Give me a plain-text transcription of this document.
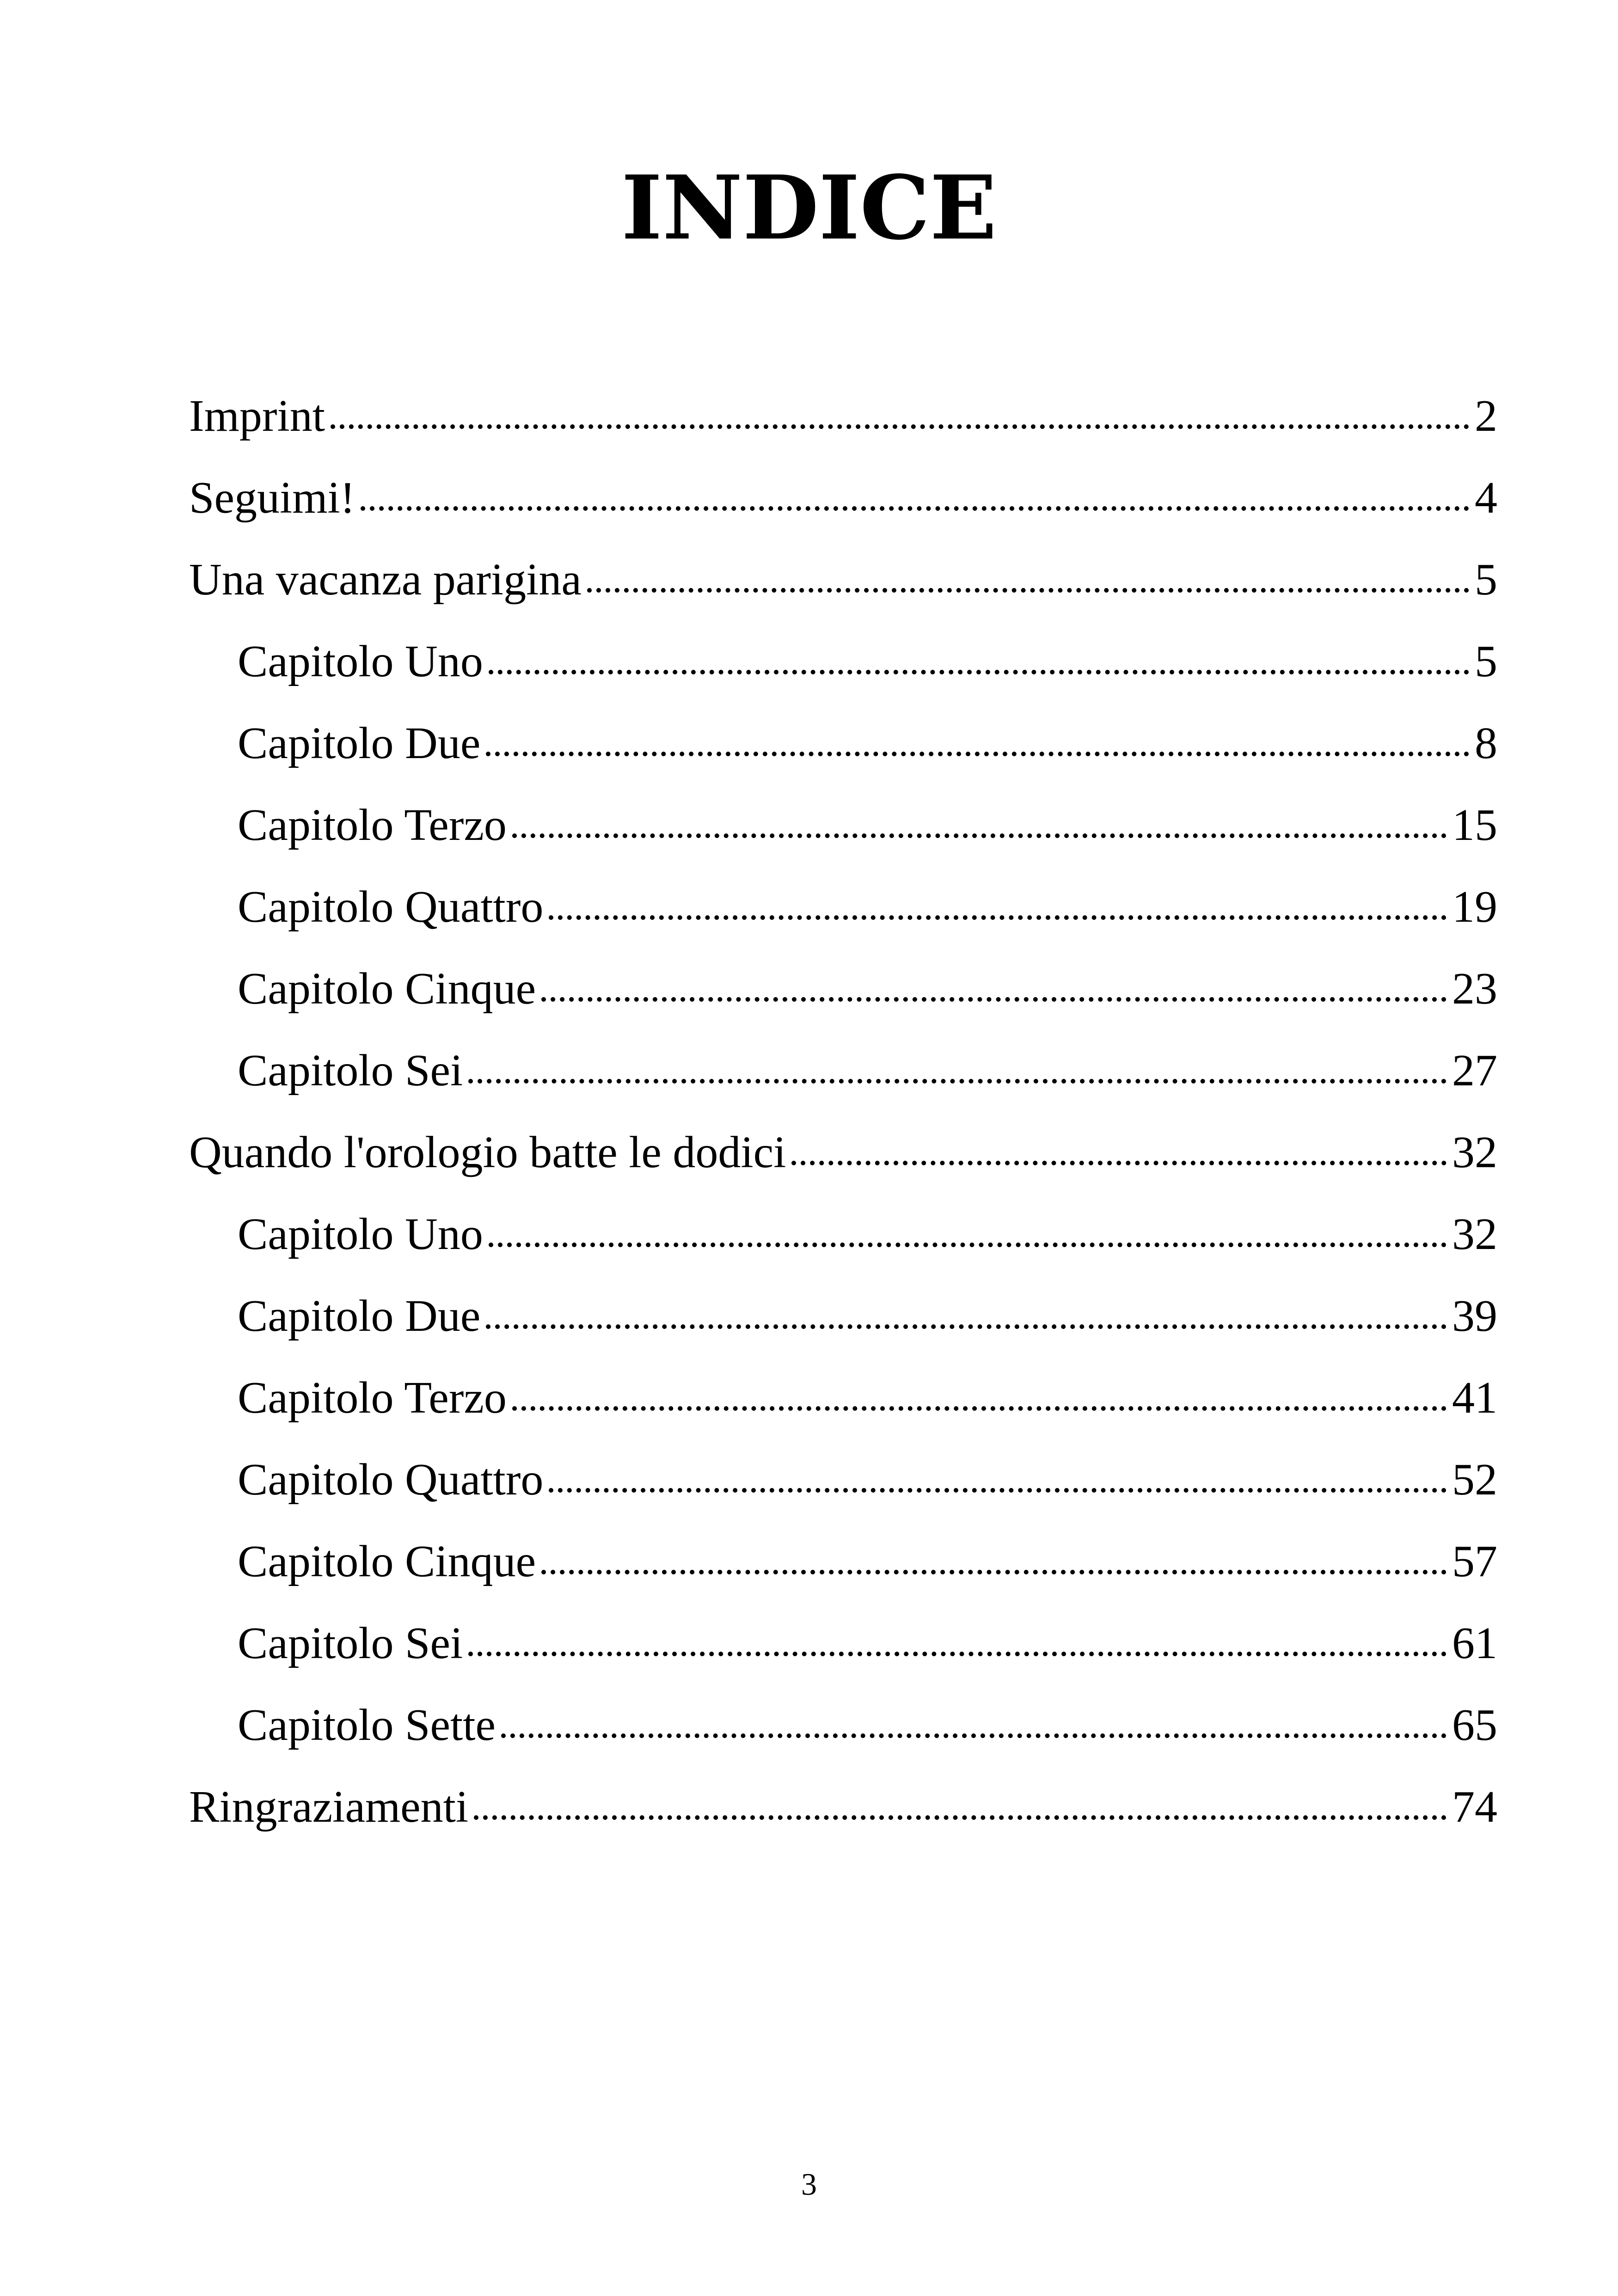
INDICE
Imprint	2
Seguimi!	4
Una vacanza parigina	5
Capitolo Uno	5
Capitolo Due	8
Capitolo Terzo	15
Capitolo Quattro	19
Capitolo Cinque	23
Capitolo Sei	27
Quando l'orologio batte le dodici	32
Capitolo Uno	32
Capitolo Due	39
Capitolo Terzo	41
Capitolo Quattro	52
Capitolo Cinque	57
Capitolo Sei	61
Capitolo Sette	65
Ringraziamenti	74
3
